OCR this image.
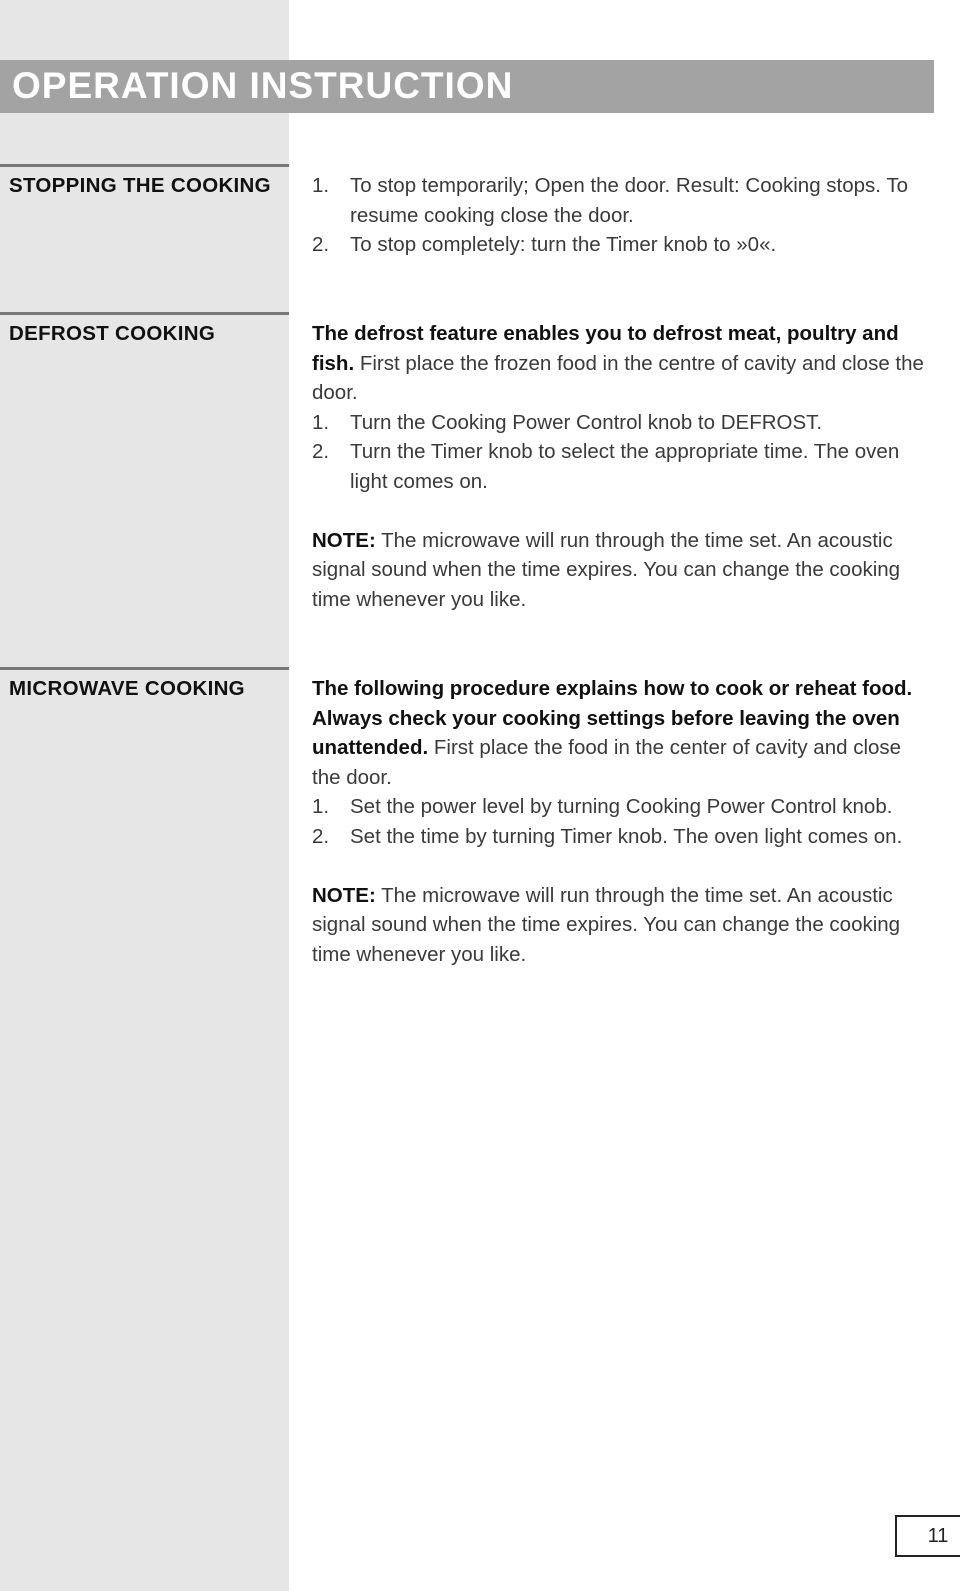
OPERATION INSTRUCTION
STOPPING THE COOKING	1.	To stop temporarily; Open the door. Result: Cooking stops. To resume cooking close the door.
2.	To stop completely: turn the Timer knob to »0«.
DEFROST COOKING	The defrost feature enables you to defrost meat, poultry and fish. First place the frozen food in the centre of cavity and close the door.

1.	Turn the Cooking Power Control knob to DEFROST.
2.	Turn the Timer knob to select the appropriate time. The oven light comes on.

NOTE: The microwave will run through the time set. An acoustic signal sound when the time expires. You can change the cooking time whenever you like.

MICROWAVE COOKING	The following procedure explains how to cook or reheat food. Always check your cooking settings before leaving the oven unattended. First place the food in the center of cavity and close the door.

1.	Set the power level by turning Cooking Power Control knob.
2.	Set the time by turning Timer knob. The oven light comes on.

NOTE: The microwave will run through the time set. An acoustic signal sound when the time expires. You can change the cooking time whenever you like.

11
